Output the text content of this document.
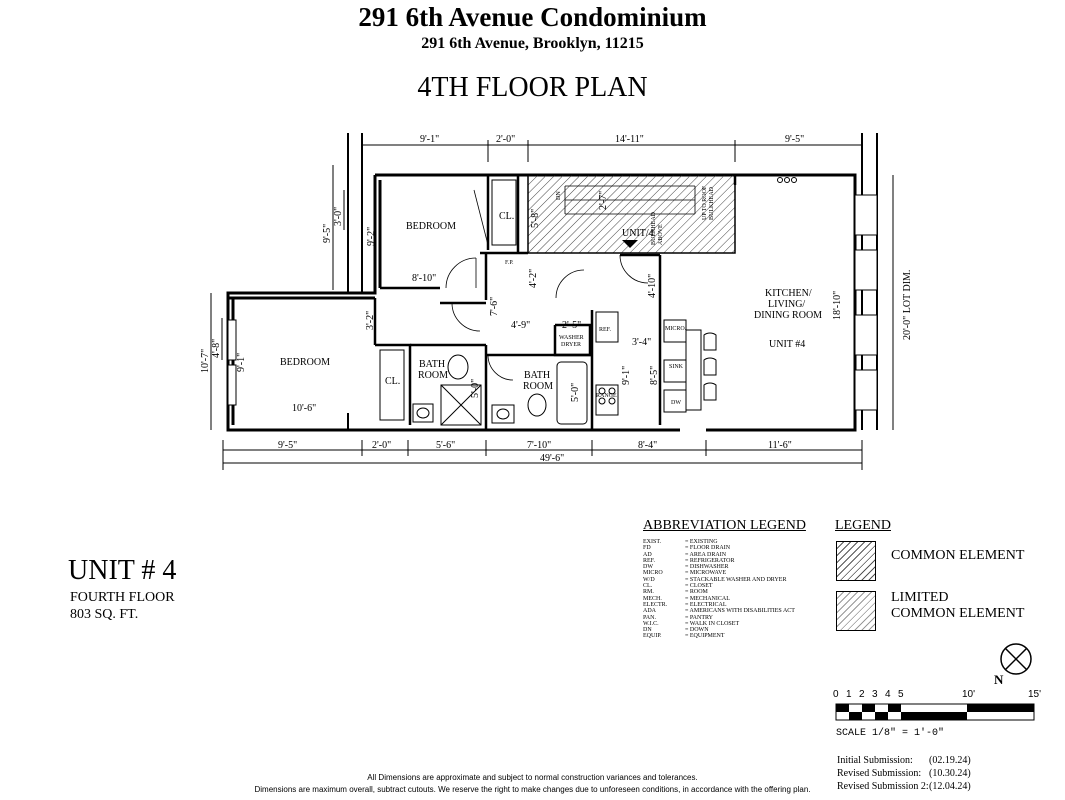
291 6th Avenue Condominium
291 6th Avenue, Brooklyn, 11215
4TH FLOOR PLAN
9'-1"	2'-0"	14'-11"	9'-5"
UNIT/4
UP TO ROOF BULKHEAD
DN
BULKHEAD ABOVE
5'-8"
2'-7"
9'-5"	2'-0"	5'-6"	7'-10"	8'-4"	11'-6"
49'-6"
9'-5"
3'-0"
9'-2"
10'-7"
4'-8"
9'-1"
20'-0" LOT DIM.
18'-10"
8'-10"
10'-6"
3'-2"
7'-6"
4'-2"
4'-9"	2'-5"
4'-10"
3'-4"
9'-1" 8'-5"
5'-0"	5'-0"
BEDROOM
BEDROOM
CL.
CL.
BATH
ROOM	BATH
ROOM
KITCHEN/
LIVING/
DINING ROOM
UNIT #4
WASHER
DRYER
REF.	MICRO.
SINK
DW
RANGE
F.P.
UNIT # 4
FOURTH FLOOR
803 SQ. FT.
ABBREVIATION LEGEND
EXIST.	= EXISTING
FD	= FLOOR DRAIN
AD	= AREA DRAIN
REF.	= REFRIGERATOR
DW	= DISHWASHER
MICRO	= MICROWAVE
W/D	= STACKABLE WASHER AND DRYER
CL.	= CLOSET
RM.	= ROOM
MECH.	= MECHANICAL
ELECTR.	= ELECTRICAL
ADA	= AMERICANS WITH DISABILITIES ACT
PAN.	= PANTRY
W.I.C.	= WALK IN CLOSET
DN	= DOWN
EQUIP.	= EQUIPMENT
LEGEND
COMMON ELEMENT
LIMITED
COMMON ELEMENT
N
0 1 2 3 4 5	10'	15'
SCALE 1/8" = 1'-0"
Initial Submission:	(02.19.24)
Revised Submission: (10.30.24)
Revised Submission 2: (12.04.24)
All Dimensions are approximate and subject to normal construction variances and tolerances.
Dimensions are maximum overall, subtract cutouts. We reserve the right to make changes due to unforeseen conditions, in accordance with the offering plan.
